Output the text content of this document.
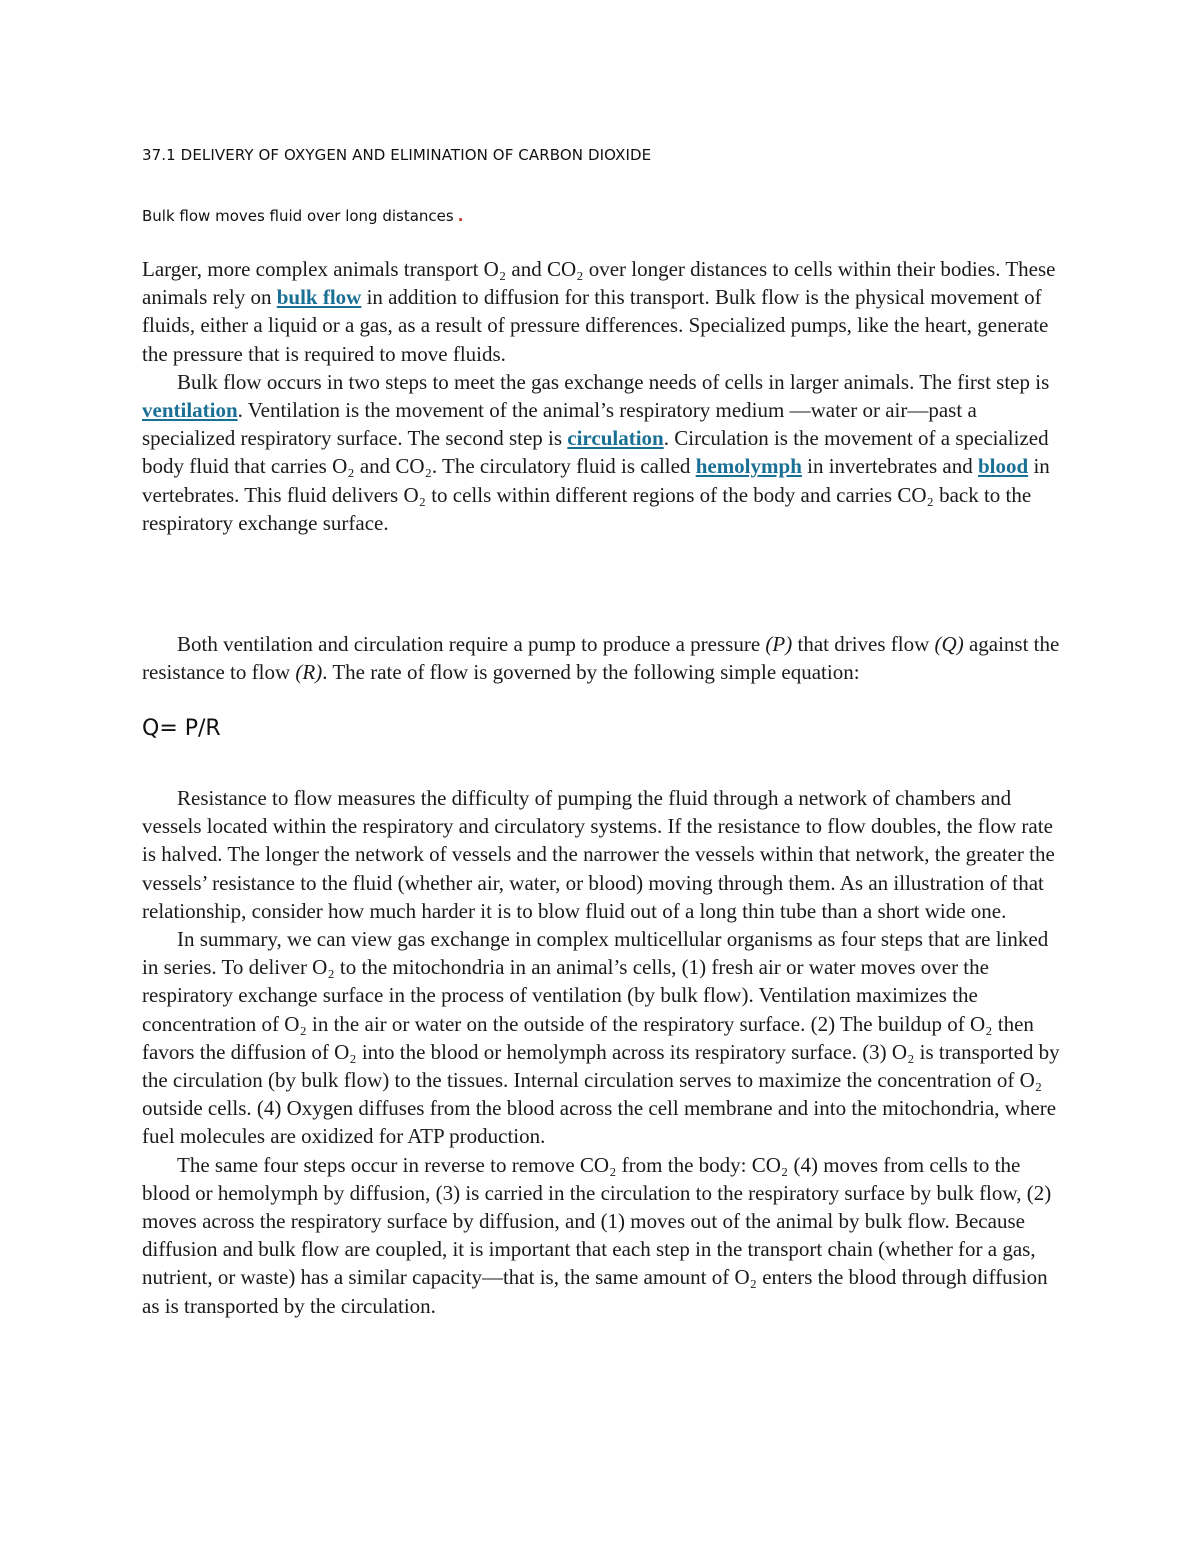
37.1 DELIVERY OF OXYGEN AND ELIMINATION OF CARBON DIOXIDE
Bulk flow moves fluid over long distances .

Larger, more complex animals transport O₂ and CO₂ over longer distances to cells within their bodies. These animals rely on bulk flow in addition to diffusion for this transport. Bulk flow is the physical movement of fluids, either a liquid or a gas, as a result of pressure differences. Specialized pumps, like the heart, generate the pressure that is required to move fluids.

Bulk flow occurs in two steps to meet the gas exchange needs of cells in larger animals. The first step is ventilation. Ventilation is the movement of the animal’s respiratory medium —water or air—past a specialized respiratory surface. The second step is circulation. Circulation is the movement of a specialized body fluid that carries O₂ and CO₂. The circulatory fluid is called hemolymph in invertebrates and blood in vertebrates. This fluid delivers O₂ to cells within different regions of the body and carries CO₂ back to the respiratory exchange surface.

Both ventilation and circulation require a pump to produce a pressure (P) that drives flow (Q) against the resistance to flow (R). The rate of flow is governed by the following simple equation:

Q= P/R

Resistance to flow measures the difficulty of pumping the fluid through a network of chambers and vessels located within the respiratory and circulatory systems. If the resistance to flow doubles, the flow rate is halved. The longer the network of vessels and the narrower the vessels within that network, the greater the vessels’ resistance to the fluid (whether air, water, or blood) moving through them. As an illustration of that relationship, consider how much harder it is to blow fluid out of a long thin tube than a short wide one.

In summary, we can view gas exchange in complex multicellular organisms as four steps that are linked in series. To deliver O₂ to the mitochondria in an animal’s cells, (1) fresh air or water moves over the respiratory exchange surface in the process of ventilation (by bulk flow). Ventilation maximizes the concentration of O₂ in the air or water on the outside of the respiratory surface. (2) The buildup of O₂ then favors the diffusion of O₂ into the blood or hemolymph across its respiratory surface. (3) O₂ is transported by the circulation (by bulk flow) to the tissues. Internal circulation serves to maximize the concentration of O₂ outside cells. (4) Oxygen diffuses from the blood across the cell membrane and into the mitochondria, where fuel molecules are oxidized for ATP production.

The same four steps occur in reverse to remove CO₂ from the body: CO₂ (4) moves from cells to the blood or hemolymph by diffusion, (3) is carried in the circulation to the respiratory surface by bulk flow, (2) moves across the respiratory surface by diffusion, and (1) moves out of the animal by bulk flow. Because diffusion and bulk flow are coupled, it is important that each step in the transport chain (whether for a gas, nutrient, or waste) has a similar capacity—that is, the same amount of O₂ enters the blood through diffusion as is transported by the circulation.
